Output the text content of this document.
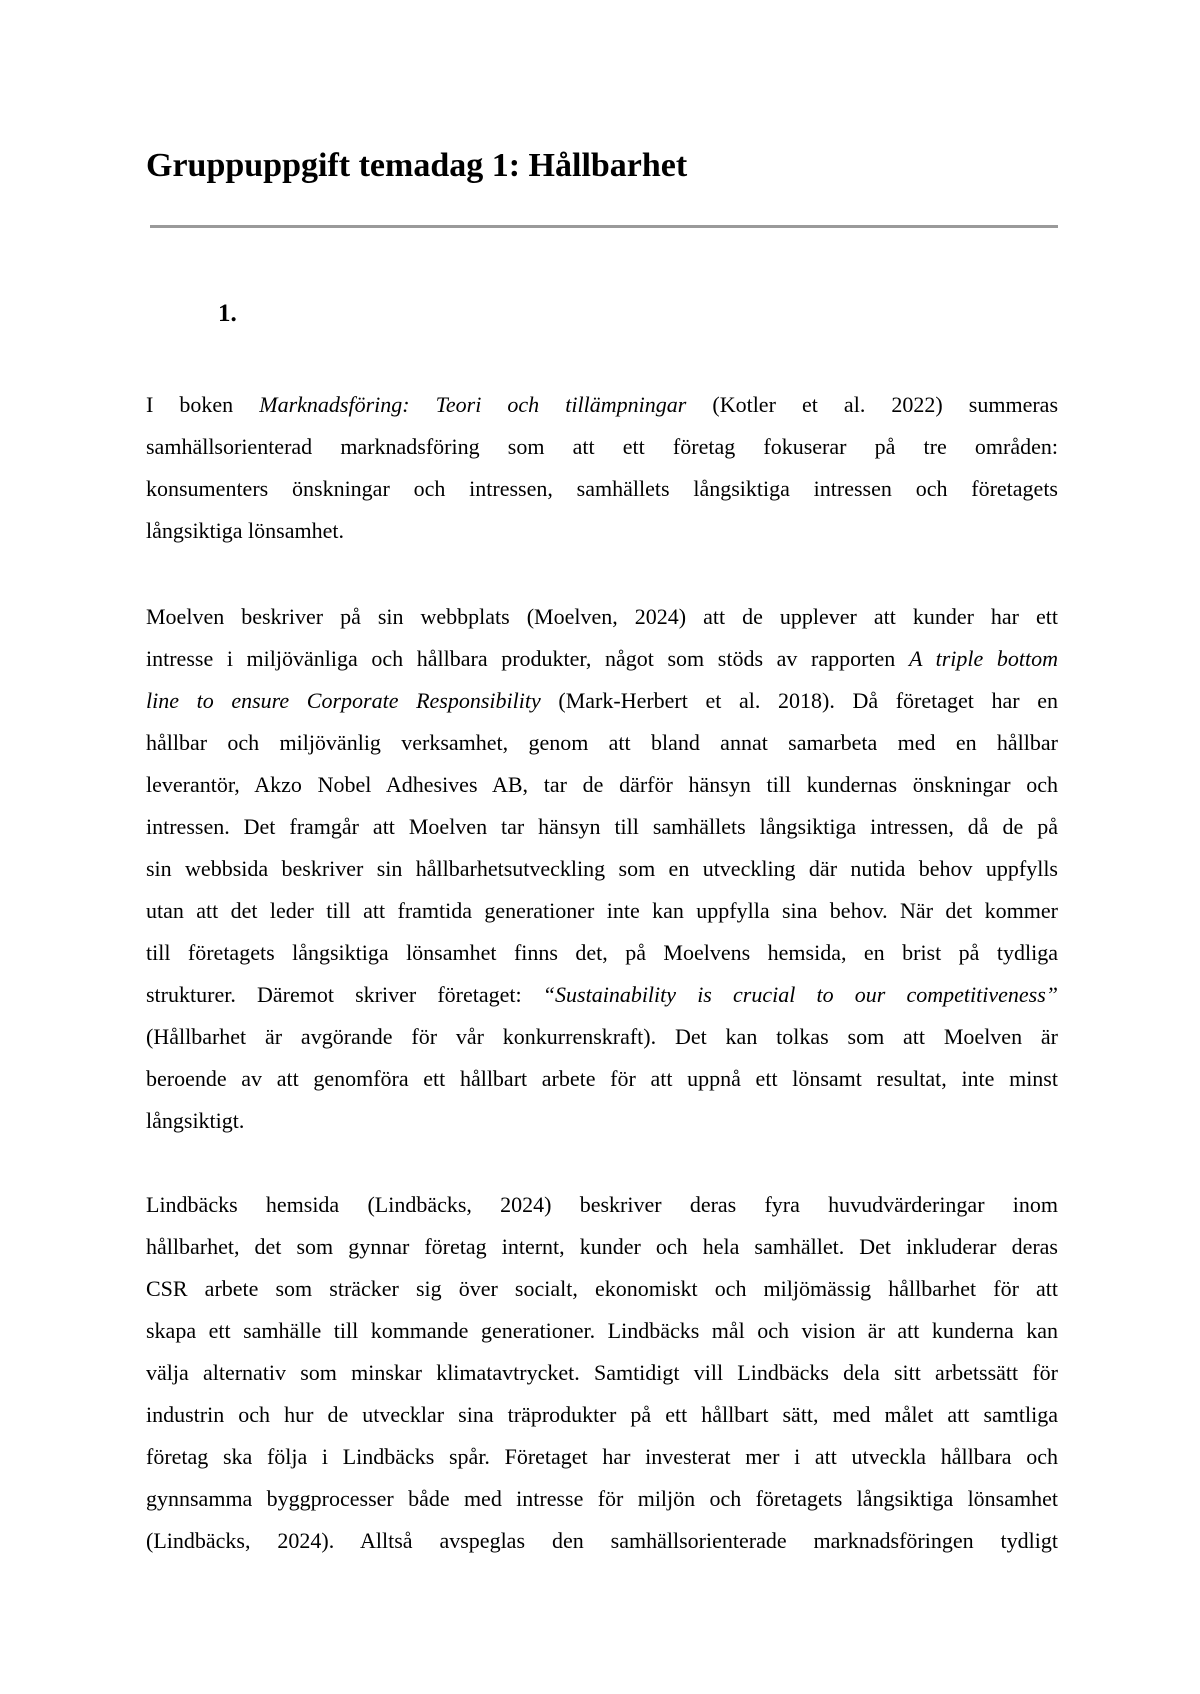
Gruppuppgift temadag 1: Hållbarhet
1.
I boken Marknadsföring: Teori och tillämpningar (Kotler et al. 2022) summeras
samhällsorienterad marknadsföring som att ett företag fokuserar på tre områden:
konsumenters önskningar och intressen, samhällets långsiktiga intressen och företagets
långsiktiga lönsamhet.
Moelven beskriver på sin webbplats (Moelven, 2024) att de upplever att kunder har ett
intresse i miljövänliga och hållbara produkter, något som stöds av rapporten A triple bottom
line to ensure Corporate Responsibility (Mark-Herbert et al. 2018). Då företaget har en
hållbar och miljövänlig verksamhet, genom att bland annat samarbeta med en hållbar
leverantör, Akzo Nobel Adhesives AB, tar de därför hänsyn till kundernas önskningar och
intressen. Det framgår att Moelven tar hänsyn till samhällets långsiktiga intressen, då de på
sin webbsida beskriver sin hållbarhetsutveckling som en utveckling där nutida behov uppfylls
utan att det leder till att framtida generationer inte kan uppfylla sina behov. När det kommer
till företagets långsiktiga lönsamhet finns det, på Moelvens hemsida, en brist på tydliga
strukturer. Däremot skriver företaget: “Sustainability is crucial to our competitiveness”
(Hållbarhet är avgörande för vår konkurrenskraft). Det kan tolkas som att Moelven är
beroende av att genomföra ett hållbart arbete för att uppnå ett lönsamt resultat, inte minst
långsiktigt.
Lindbäcks hemsida (Lindbäcks, 2024) beskriver deras fyra huvudvärderingar inom
hållbarhet, det som gynnar företag internt, kunder och hela samhället. Det inkluderar deras
CSR arbete som sträcker sig över socialt, ekonomiskt och miljömässig hållbarhet för att
skapa ett samhälle till kommande generationer. Lindbäcks mål och vision är att kunderna kan
välja alternativ som minskar klimatavtrycket. Samtidigt vill Lindbäcks dela sitt arbetssätt för
industrin och hur de utvecklar sina träprodukter på ett hållbart sätt, med målet att samtliga
företag ska följa i Lindbäcks spår. Företaget har investerat mer i att utveckla hållbara och
gynnsamma byggprocesser både med intresse för miljön och företagets långsiktiga lönsamhet
(Lindbäcks, 2024). Alltså avspeglas den samhällsorienterade marknadsföringen tydligt
